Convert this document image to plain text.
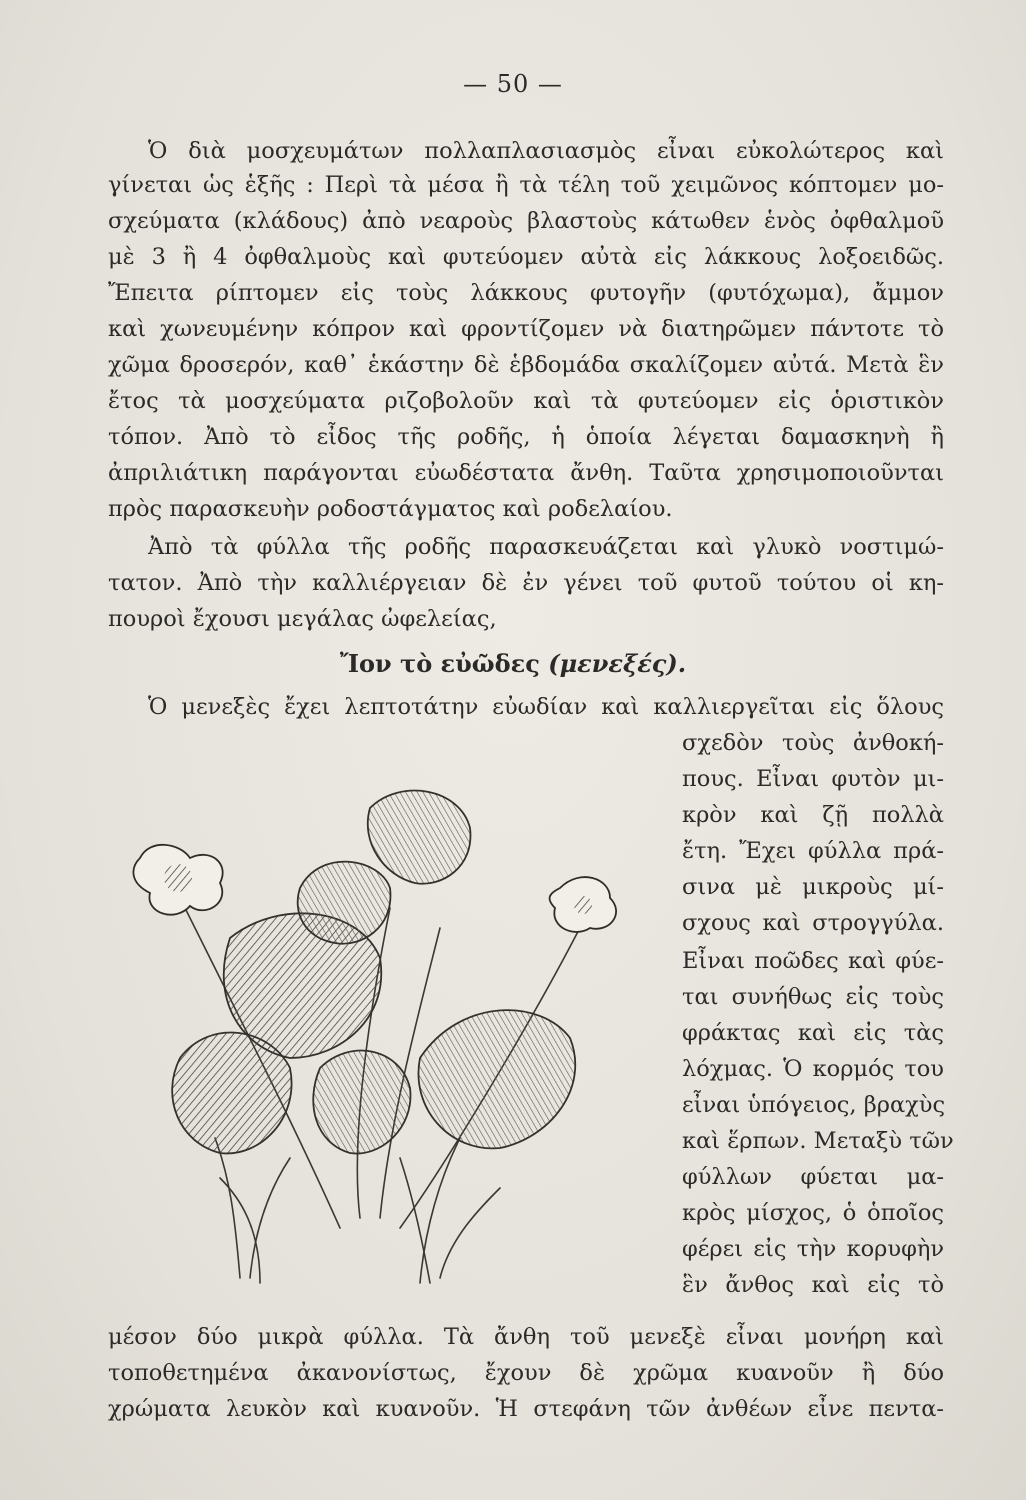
— 50 —
Ὁ διὰ μοσχευμάτων πολλαπλασιασμὸς εἶναι εὐκολώτερος καὶ
γίνεται ὡς ἑξῆς : Περὶ τὰ μέσα ἢ τὰ τέλη τοῦ χειμῶνος κόπτομεν μο-
σχεύματα (κλάδους) ἀπὸ νεαροὺς βλαστοὺς κάτωθεν ἑνὸς ὀφθαλμοῦ
μὲ 3 ἢ 4 ὀφθαλμοὺς καὶ φυτεύομεν αὐτὰ εἰς λάκκους λοξοειδῶς.
Ἔπειτα ρίπτομεν εἰς τοὺς λάκκους φυτογῆν (φυτόχωμα), ἄμμον
καὶ χωνευμένην κόπρον καὶ φροντίζομεν νὰ διατηρῶμεν πάντοτε τὸ
χῶμα δροσερόν, καθ᾽ ἑκάστην δὲ ἑβδομάδα σκαλίζομεν αὐτά. Μετὰ ἓν
ἔτος τὰ μοσχεύματα ριζοβολοῦν καὶ τὰ φυτεύομεν εἰς ὁριστικὸν
τόπον. Ἀπὸ τὸ εἶδος τῆς ροδῆς, ἡ ὁποία λέγεται δαμασκηνὴ ἢ
ἀπριλιάτικη παράγονται εὐωδέστατα ἄνθη. Ταῦτα χρησιμοποιοῦνται
πρὸς παρασκευὴν ροδοστάγματος καὶ ροδελαίου.
Ἀπὸ τὰ φύλλα τῆς ροδῆς παρασκευάζεται καὶ γλυκὸ νοστιμώ-
τατον. Ἀπὸ τὴν καλλιέργειαν δὲ ἐν γένει τοῦ φυτοῦ τούτου οἱ κη-
πουροὶ ἔχουσι μεγάλας ὠφελείας,
Ἴον τὸ εὐῶδες (μενεξές).
Ὁ μενεξὲς ἔχει λεπτοτάτην εὐωδίαν καὶ καλλιεργεῖται εἰς ὅλους
σχεδὸν τοὺς ἀνθοκή-
πους. Εἶναι φυτὸν μι-
κρὸν καὶ ζῇ πολλὰ
ἔτη. Ἔχει φύλλα πρά-
σινα μὲ μικροὺς μί-
σχους καὶ στρογγύλα.
Εἶναι ποῶδες καὶ φύε-
ται συνήθως εἰς τοὺς
φράκτας καὶ εἰς τὰς
λόχμας. Ὁ κορμός του
εἶναι ὑπόγειος, βραχὺς
καὶ ἕρπων. Μεταξὺ τῶν
φύλλων φύεται μα-
κρὸς μίσχος, ὁ ὁποῖος
φέρει εἰς τὴν κορυφὴν
ἓν ἄνθος καὶ εἰς τὸ
μέσον δύο μικρὰ φύλλα. Τὰ ἄνθη τοῦ μενεξὲ εἶναι μονήρη καὶ
τοποθετημένα ἀκανονίστως, ἔχουν δὲ χρῶμα κυανοῦν ἢ δύο
χρώματα λευκὸν καὶ κυανοῦν. Ἡ στεφάνη τῶν ἀνθέων εἶνε πεντα-
